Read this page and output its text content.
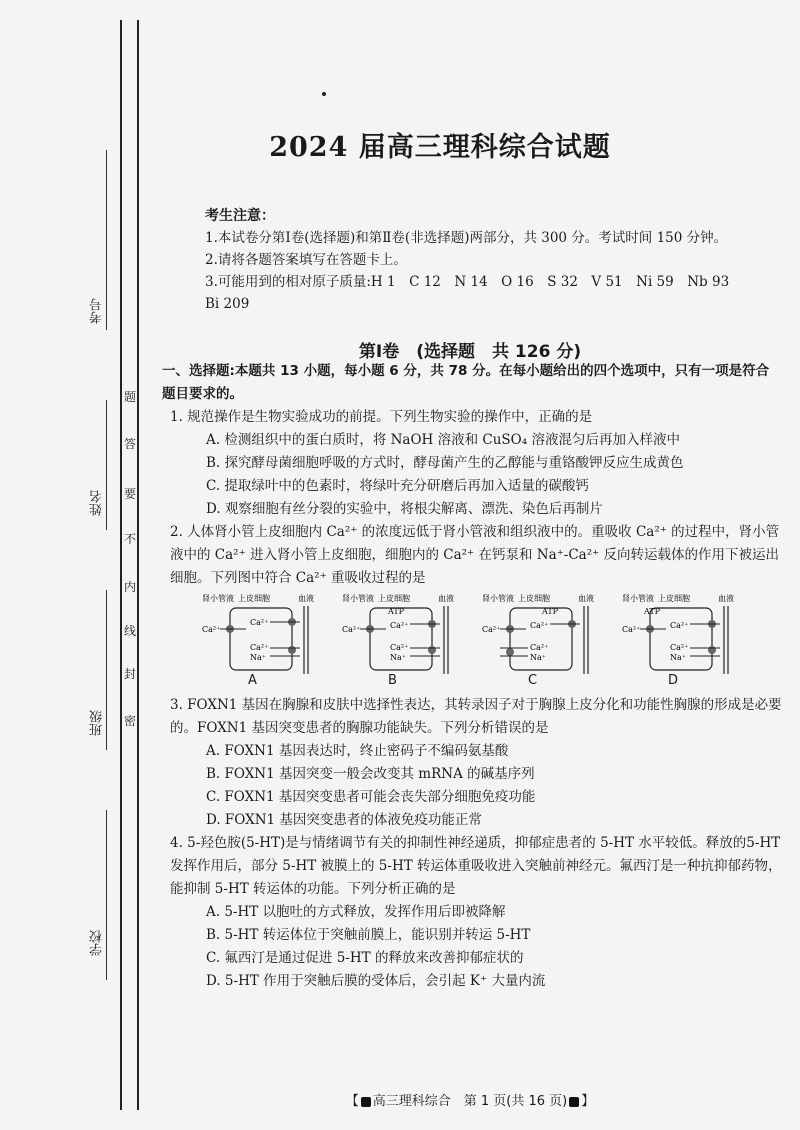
考号
姓名
班级
学校
密
封
线
内
不
要
答
题
2024 届高三理科综合试题
考生注意：
1.本试卷分第Ⅰ卷(选择题)和第Ⅱ卷(非选择题)两部分，共 300 分。考试时间 150 分钟。
2.请将各题答案填写在答题卡上。
3.可能用到的相对原子质量:H 1　C 12　N 14　O 16　S 32　V 51　Ni 59　Nb 93
Bi 209
第Ⅰ卷　(选择题　共 126 分)

一、选择题:本题共 13 小题，每小题 6 分，共 78 分。在每小题给出的四个选项中，只有一项是符合题目要求的。

1. 规范操作是生物实验成功的前提。下列生物实验的操作中，正确的是

A. 检测组织中的蛋白质时，将 NaOH 溶液和 CuSO₄ 溶液混匀后再加入样液中

B. 探究酵母菌细胞呼吸的方式时，酵母菌产生的乙醇能与重铬酸钾反应生成黄色

C. 提取绿叶中的色素时，将绿叶充分研磨后再加入适量的碳酸钙

D. 观察细胞有丝分裂的实验中，将根尖解离、漂洗、染色后再制片

2. 人体肾小管上皮细胞内 Ca²⁺ 的浓度远低于肾小管液和组织液中的。重吸收 Ca²⁺ 的过程中，肾小管液中的 Ca²⁺ 进入肾小管上皮细胞，细胞内的 Ca²⁺ 在钙泵和 Na⁺-Ca²⁺ 反向转运载体的作用下被运出细胞。下列图中符合 Ca²⁺ 重吸收过程的是

肾小管液 上皮细胞	血液
Ca²⁺
Ca²⁺
Ca²⁺
Na⁺
A
肾小管液 上皮细胞	血液
ATP
Ca²⁺	Ca²⁺
Ca²⁺
Na⁺
B
肾小管液 上皮细胞	血液
ATP
Ca²⁺	Ca²⁺
Ca²⁺
Na⁺
C
肾小管液 上皮细胞	血液
ATP
Ca²⁺	Ca²⁺
Ca²⁺
Na⁺
D

3. FOXN1 基因在胸腺和皮肤中选择性表达，其转录因子对于胸腺上皮分化和功能性胸腺的形成是必要的。FOXN1 基因突变患者的胸腺功能缺失。下列分析错误的是

A. FOXN1 基因表达时，终止密码子不编码氨基酸

B. FOXN1 基因突变一般会改变其 mRNA 的碱基序列

C. FOXN1 基因突变患者可能会丧失部分细胞免疫功能

D. FOXN1 基因突变患者的体液免疫功能正常

4. 5-羟色胺(5-HT)是与情绪调节有关的抑制性神经递质，抑郁症患者的 5-HT 水平较低。释放的5-HT发挥作用后，部分 5-HT 被膜上的 5-HT 转运体重吸收进入突触前神经元。氟西汀是一种抗抑郁药物，能抑制 5-HT 转运体的功能。下列分析正确的是

A. 5-HT 以胞吐的方式释放，发挥作用后即被降解

B. 5-HT 转运体位于突触前膜上，能识别并转运 5-HT

C. 氟西汀是通过促进 5-HT 的释放来改善抑郁症状的

D. 5-HT 作用于突触后膜的受体后，会引起 K⁺ 大量内流

【 高三理科综合　第 1 页(共 16 页) 】
